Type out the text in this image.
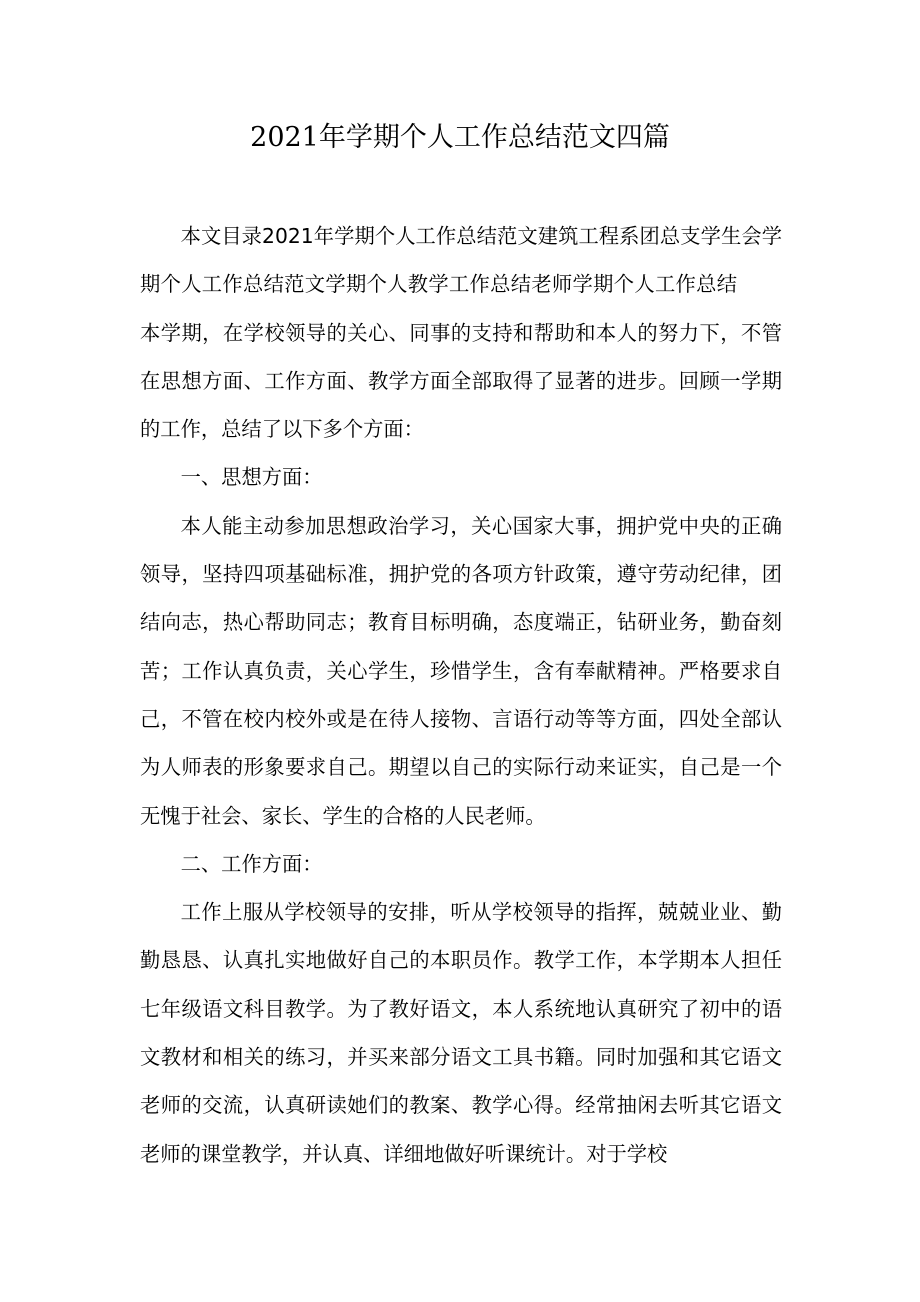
2021年学期个人工作总结范文四篇

本文目录2021年学期个人工作总结范文建筑工程系团总支学生会学期个人工作总结范文学期个人教学工作总结老师学期个人工作总结本学期，在学校领导的关心、同事的支持和帮助和本人的努力下，不管在思想方面、工作方面、教学方面全部取得了显著的进步。回顾一学期的工作，总结了以下多个方面：

一、思想方面：

本人能主动参加思想政治学习，关心国家大事，拥护党中央的正确领导，坚持四项基础标准，拥护党的各项方针政策，遵守劳动纪律，团结向志，热心帮助同志；教育目标明确，态度端正，钻研业务，勤奋刻苦；工作认真负责，关心学生，珍惜学生，含有奉献精神。严格要求自己，不管在校内校外或是在待人接物、言语行动等等方面，四处全部认为人师表的形象要求自己。期望以自己的实际行动来证实，自己是一个无愧于社会、家长、学生的合格的人民老师。

二、工作方面：

工作上服从学校领导的安排，听从学校领导的指挥，兢兢业业、勤勤恳恳、认真扎实地做好自己的本职员作。教学工作，本学期本人担任七年级语文科目教学。为了教好语文，本人系统地认真研究了初中的语文教材和相关的练习，并买来部分语文工具书籍。同时加强和其它语文老师的交流，认真研读她们的教案、教学心得。经常抽闲去听其它语文老师的课堂教学，并认真、详细地做好听课统计。对于学校
